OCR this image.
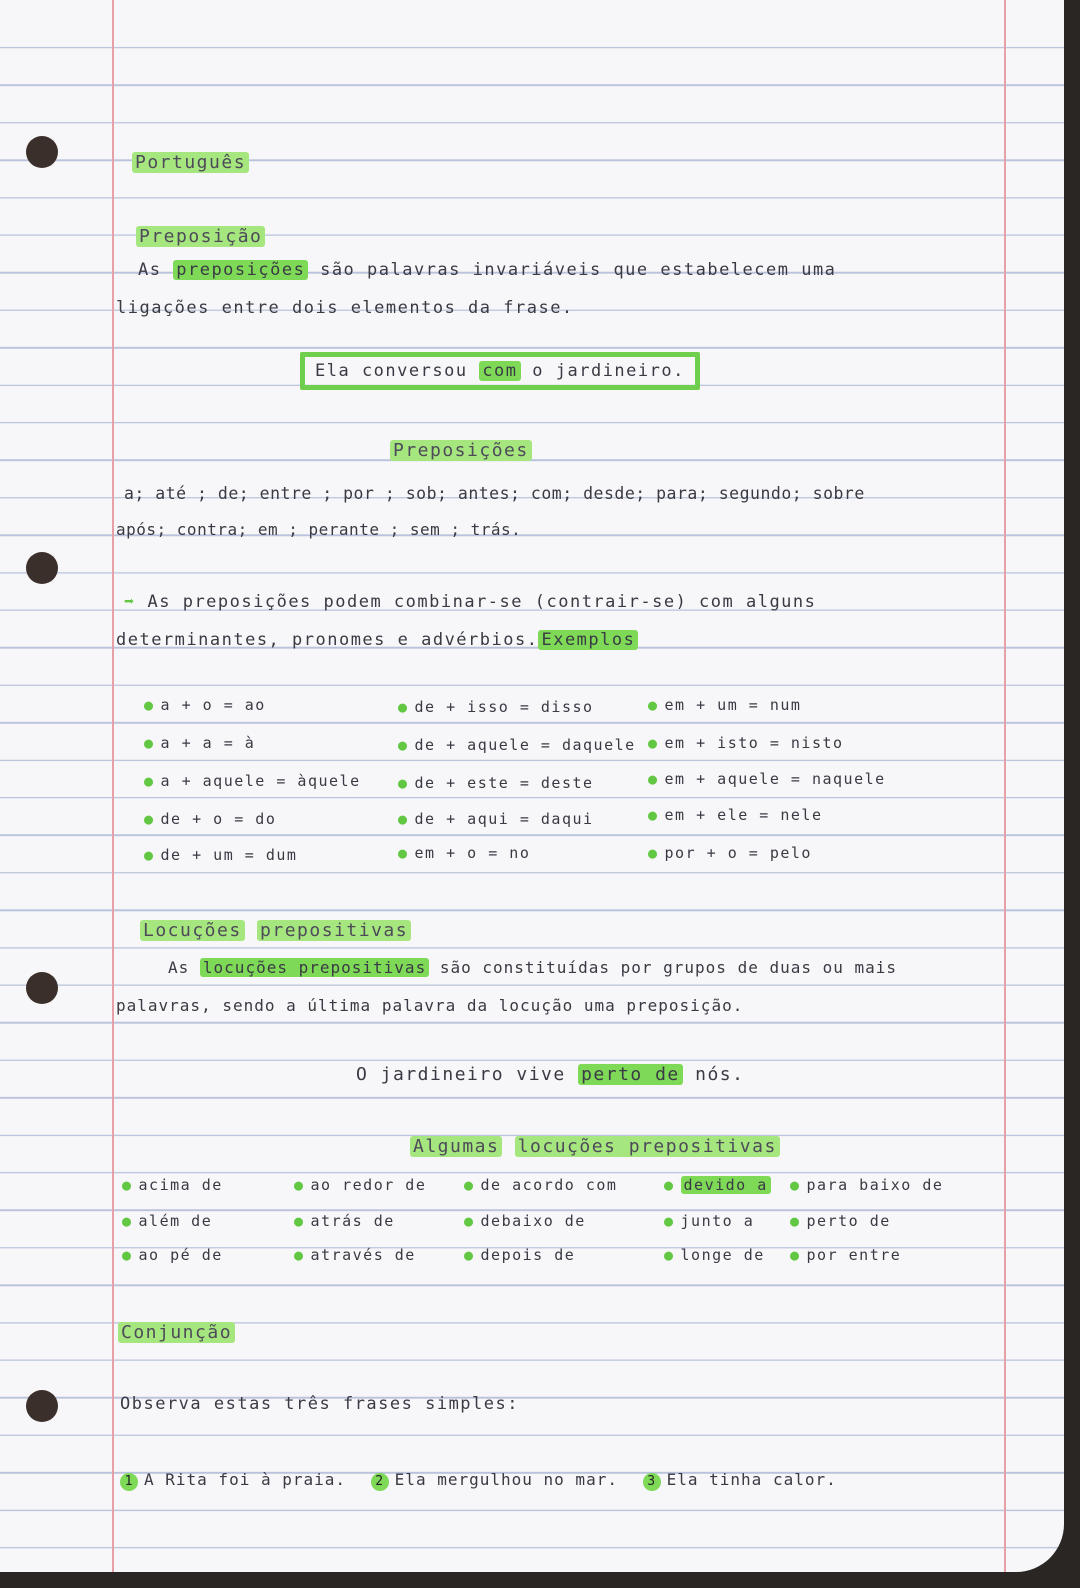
Português
Preposição
As preposições são palavras invariáveis que estabelecem uma
ligações entre dois elementos da frase.
Ela conversou com o jardineiro.
Preposições
a; até ; de; entre ; por ; sob; antes; com; desde; para; segundo; sobre
após; contra; em ; perante ; sem ; trás.
➡ As preposições podem combinar-se (contrair-se) com alguns
determinantes, pronomes e advérbios. Exemplos
● a + o = ao
● a + a = à
● a + aquele = àquele
● de + o = do
● de + um = dum
● de + isso = disso
● de + aquele = daquele
● de + este = deste
● de + aqui = daqui
● em + o = no
● em + um = num
● em + isto = nisto
● em + aquele = naquele
● em + ele = nele
● por + o = pelo
Locuções prepositivas
As locuções prepositivas são constituídas por grupos de duas ou mais
palavras, sendo a última palavra da locução uma preposição.
O jardineiro vive perto de nós.
Algumas locuções prepositivas
● acima de
● além de
● ao pé de
● ao redor de
● atrás de
● através de
● de acordo com
● debaixo de
● depois de
● devido a
● junto a
● longe de
● para baixo de
● perto de
● por entre
Conjunção
Observa estas três frases simples:
1 A Rita foi à praia. 2 Ela mergulhou no mar. 3 Ela tinha calor.
